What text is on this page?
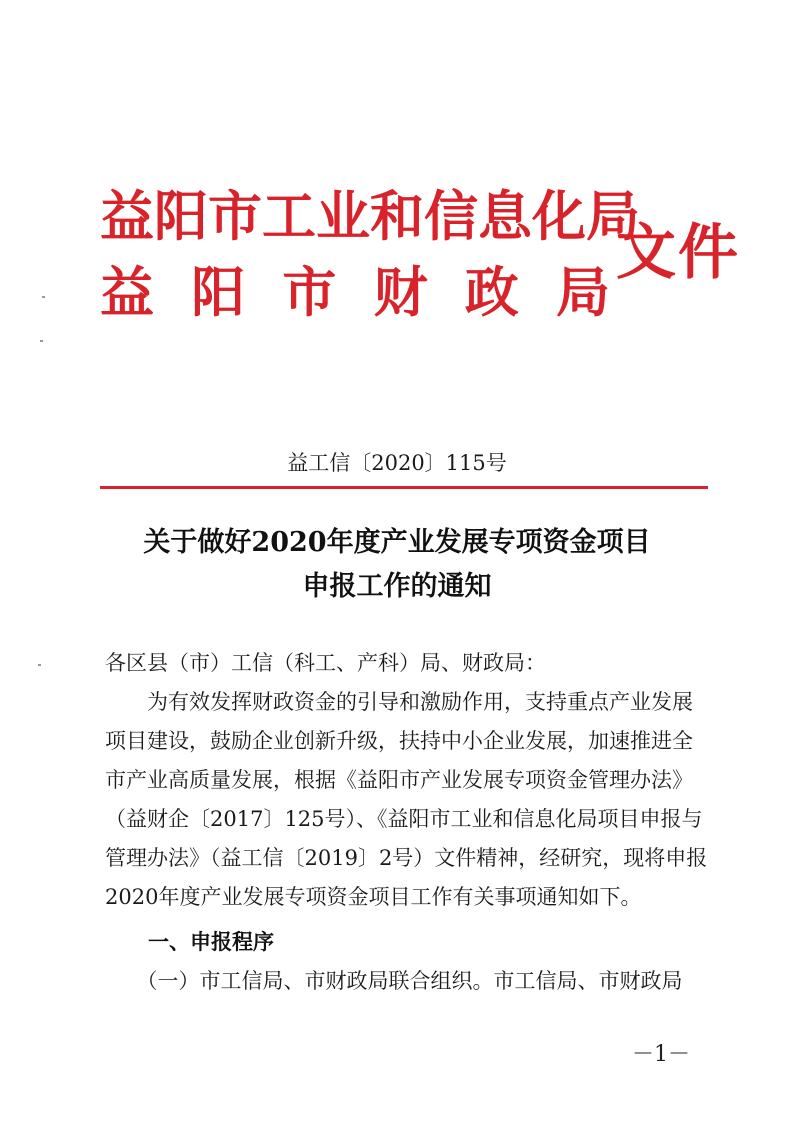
益 阳 市 工 业 和 信 息 化 局
益 阳 市 财 政 局
文件
益工信〔2020〕115号
关于做好2020年度产业发展专项资金项目
申报工作的通知
各区县（市）工信（科工、产科）局、财政局：
　　为有效发挥财政资金的引导和激励作用，支持重点产业发展
项目建设，鼓励企业创新升级，扶持中小企业发展，加速推进全
市产业高质量发展，根据《益阳市产业发展专项资金管理办法》
（益财企〔2017〕125号）、《益阳市工业和信息化局项目申报与
管理办法》（益工信〔2019〕2号）文件精神，经研究，现将申报
2020年度产业发展专项资金项目工作有关事项通知如下。
一、申报程序
　　（一）市工信局、市财政局联合组织。市工信局、市财政局
－1－
